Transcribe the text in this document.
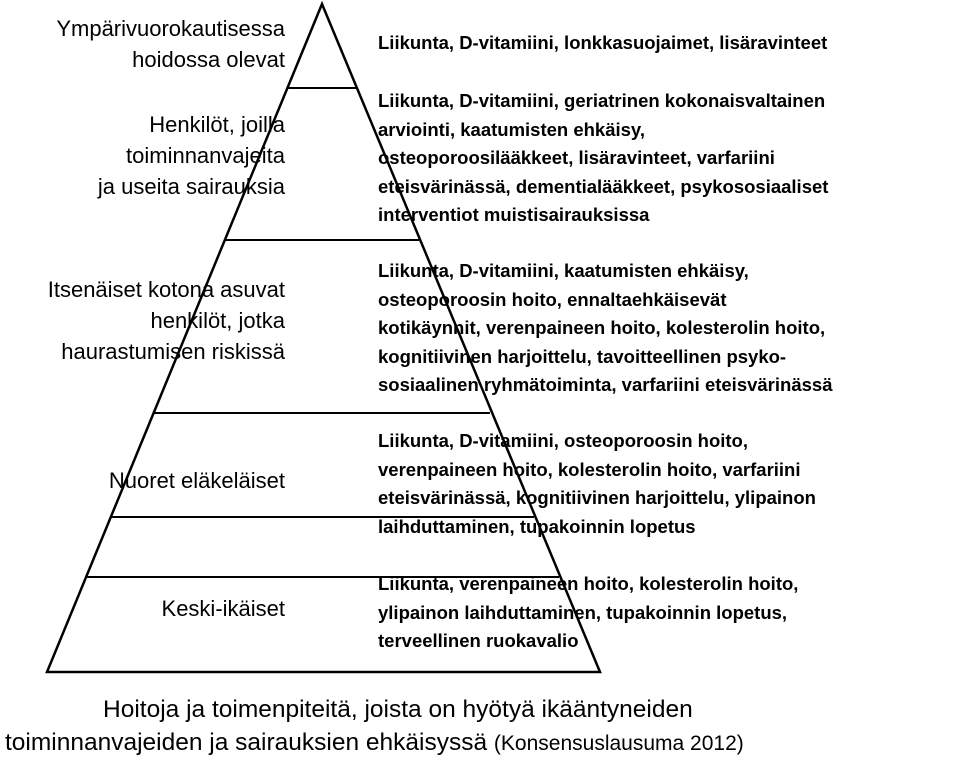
Ympärivuorokautisessa
hoidossa olevat
Henkilöt, joilla
toiminnanvajeita
ja useita sairauksia
Itsenäiset kotona asuvat
henkilöt, jotka
haurastumisen riskissä
Nuoret eläkeläiset
Keski-ikäiset
Liikunta, D-vitamiini, lonkkasuojaimet, lisäravinteet
Liikunta, D-vitamiini, geriatrinen kokonaisvaltainen
arviointi, kaatumisten ehkäisy,
osteoporoosilääkkeet, lisäravinteet, varfariini
eteisvärinässä, dementialääkkeet, psykososiaaliset
interventiot muistisairauksissa
Liikunta, D-vitamiini, kaatumisten ehkäisy,
osteoporoosin hoito, ennaltaehkäisevät
kotikäynnit, verenpaineen hoito, kolesterolin hoito,
kognitiivinen harjoittelu, tavoitteellinen psyko-
sosiaalinen ryhmätoiminta, varfariini eteisvärinässä
Liikunta, D-vitamiini, osteoporoosin hoito,
verenpaineen hoito, kolesterolin hoito, varfariini
eteisvärinässä, kognitiivinen harjoittelu, ylipainon
laihduttaminen, tupakoinnin lopetus
Liikunta, verenpaineen hoito, kolesterolin hoito,
ylipainon laihduttaminen, tupakoinnin lopetus,
terveellinen ruokavalio
Hoitoja ja toimenpiteitä, joista on hyötyä ikääntyneiden
toiminnanvajeiden ja sairauksien ehkäisyssä (Konsensuslausuma 2012)
